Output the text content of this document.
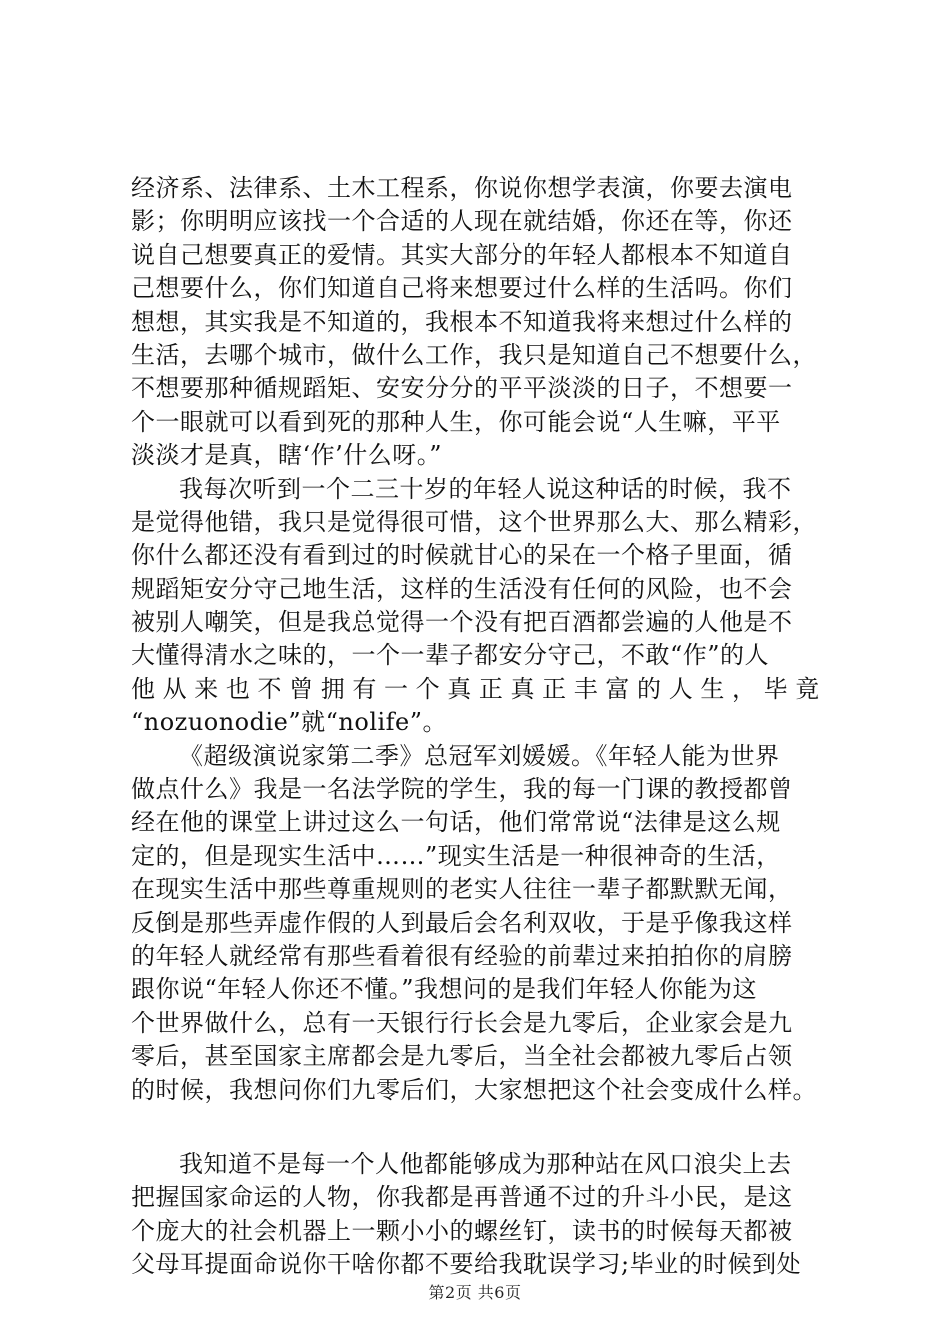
经济系、法律系、土木工程系，你说你想学表演，你要去演电
影；你明明应该找一个合适的人现在就结婚，你还在等，你还
说自己想要真正的爱情。其实大部分的年轻人都根本不知道自
己想要什么，你们知道自己将来想要过什么样的生活吗。你们
想想，其实我是不知道的，我根本不知道我将来想过什么样的
生活，去哪个城市，做什么工作，我只是知道自己不想要什么，
不想要那种循规蹈矩、安安分分的平平淡淡的日子，不想要一
个一眼就可以看到死的那种人生，你可能会说“人生嘛，平平
淡淡才是真，瞎‘作’什么呀。”
我每次听到一个二三十岁的年轻人说这种话的时候，我不
是觉得他错，我只是觉得很可惜，这个世界那么大、那么精彩，
你什么都还没有看到过的时候就甘心的呆在一个格子里面，循
规蹈矩安分守己地生活，这样的生活没有任何的风险，也不会
被别人嘲笑，但是我总觉得一个没有把百酒都尝遍的人他是不
大懂得清水之味的，一个一辈子都安分守己，不敢“作”的人
他 从 来 也 不 曾 拥 有 一 个 真 正 真 正 丰 富 的 人 生 ， 毕 竟
“nozuonodie”就“nolife”。
《超级演说家第二季》总冠军刘媛媛。《年轻人能为世界
做点什么》我是一名法学院的学生，我的每一门课的教授都曾
经在他的课堂上讲过这么一句话，他们常常说“法律是这么规
定的，但是现实生活中……”现实生活是一种很神奇的生活，
在现实生活中那些尊重规则的老实人往往一辈子都默默无闻，
反倒是那些弄虚作假的人到最后会名利双收，于是乎像我这样
的年轻人就经常有那些看着很有经验的前辈过来拍拍你的肩膀
跟你说“年轻人你还不懂。”我想问的是我们年轻人你能为这
个世界做什么，总有一天银行行长会是九零后，企业家会是九
零后，甚至国家主席都会是九零后，当全社会都被九零后占领
的时候，我想问你们九零后们，大家想把这个社会变成什么样。
我知道不是每一个人他都能够成为那种站在风口浪尖上去
把握国家命运的人物，你我都是再普通不过的升斗小民，是这
个庞大的社会机器上一颗小小的螺丝钉，读书的时候每天都被
父母耳提面命说你干啥你都不要给我耽误学习;毕业的时候到处
第2页 共6页
